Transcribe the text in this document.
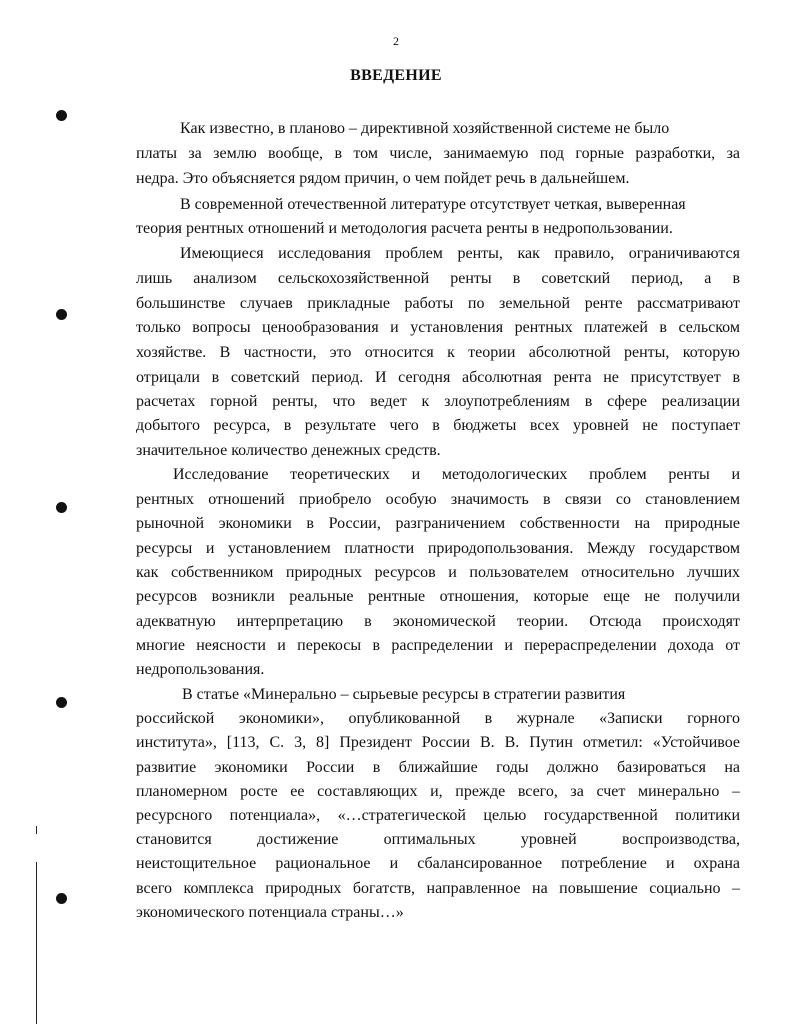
2
ВВЕДЕНИЕ
Как известно, в планово – директивной хозяйственной системе не было
платы за землю вообще, в том числе, занимаемую под горные разработки, за
недра. Это объясняется рядом причин, о чем пойдет речь в дальнейшем.
В современной отечественной литературе отсутствует четкая, выверенная
теория рентных отношений и методология расчета ренты в недропользовании.
Имеющиеся исследования проблем ренты, как правило, ограничиваются
лишь анализом сельскохозяйственной ренты в советский период, а в
большинстве случаев прикладные работы по земельной ренте рассматривают
только вопросы ценообразования и установления рентных платежей в сельском
хозяйстве. В частности, это относится к теории абсолютной ренты, которую
отрицали в советский период. И сегодня абсолютная рента не присутствует в
расчетах горной ренты, что ведет к злоупотреблениям в сфере реализации
добытого ресурса, в результате чего в бюджеты всех уровней не поступает
значительное количество денежных средств.
Исследование теоретических и методологических проблем ренты и
рентных отношений приобрело особую значимость в связи со становлением
рыночной экономики в России, разграничением собственности на природные
ресурсы и установлением платности природопользования. Между государством
как собственником природных ресурсов и пользователем относительно лучших
ресурсов возникли реальные рентные отношения, которые еще не получили
адекватную интерпретацию в экономической теории. Отсюда происходят
многие неясности и перекосы в распределении и перераспределении дохода от
недропользования.
В статье «Минерально – сырьевые ресурсы в стратегии развития
российской экономики», опубликованной в журнале «Записки горного
института», [113, С. 3, 8] Президент России В. В. Путин отметил: «Устойчивое
развитие экономики России в ближайшие годы должно базироваться на
планомерном росте ее составляющих и, прежде всего, за счет минерально –
ресурсного потенциала», «…стратегической целью государственной политики
становится достижение оптимальных уровней воспроизводства,
неистощительное рациональное и сбалансированное потребление и охрана
всего комплекса природных богатств, направленное на повышение социально –
экономического потенциала страны…»
